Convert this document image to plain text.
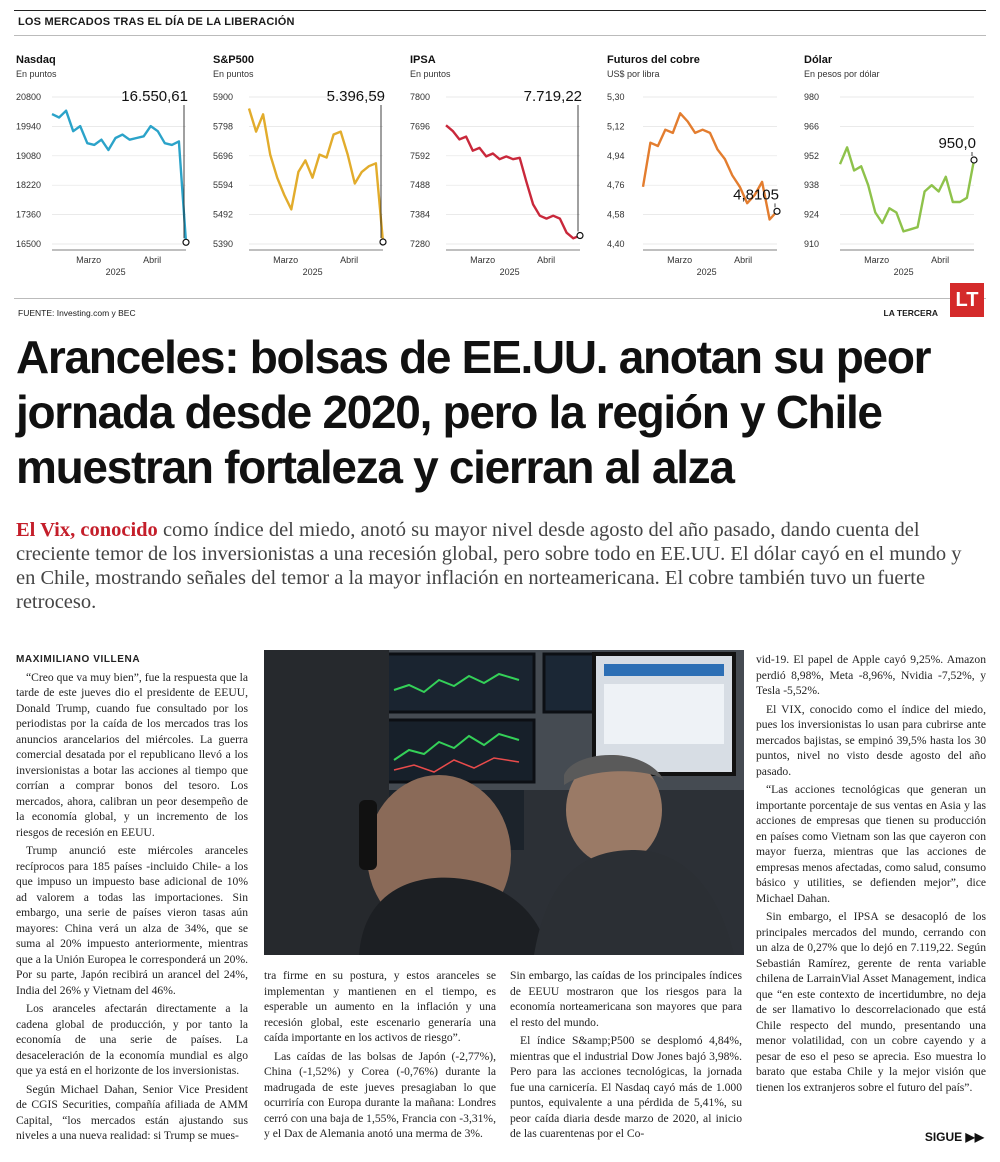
LOS MERCADOS TRAS EL DÍA DE LA LIBERACIÓN
Nasdaq
En puntos
20800
19940
19080
18220
17360
16500
16.550,61
Marzo	Abril
2025
S&P500
En puntos
5900
5798
5696
5594
5492
5390
5.396,59
Marzo	Abril
2025
IPSA
En puntos
7800
7696
7592
7488
7384
7280
7.719,22
Marzo	Abril
2025
Futuros del cobre
US$ por libra
5,30
5,12
4,94
4,76
4,58
4,40
4,8105
Marzo	Abril
2025
Dólar
En pesos por dólar
980
966
952
938
924
910
950,0
Marzo	Abril
2025
FUENTE: Investing.com y BEC	LA TERCERA
LT
Aranceles: bolsas de EE.UU. anotan su peor jornada desde 2020, pero la región y Chile muestran fortaleza y cierran al alza

El Vix, conocido como índice del miedo, anotó su mayor nivel desde agosto del año pasado, dando cuenta del creciente temor de los inversionistas a una recesión global, pero sobre todo en EE.UU. El dólar cayó en el mundo y en Chile, mostrando señales del temor a la mayor inflación en norteamericana. El cobre también tuvo un fuerte retroceso.

MAXIMILIANO VILLENA

“Creo que va muy bien”, fue la respuesta que la tarde de este jueves dio el presidente de EEUU, Donald Trump, cuando fue consultado por los periodistas por la caída de los mercados tras los anuncios arancelarios del miércoles. La guerra comercial desatada por el republicano llevó a los inversionistas a botar las acciones al tiempo que corrían a comprar bonos del tesoro. Los mercados, ahora, calibran un peor desempeño de la economía global, y un incremento de los riesgos de recesión en EEUU.

Trump anunció este miércoles aranceles recíprocos para 185 países -incluido Chile- a los que impuso un impuesto base adicional de 10% ad valorem a todas las importaciones. Sin embargo, una serie de países vieron tasas aún mayores: China verá un alza de 34%, que se suma al 20% impuesto anteriormente, mientras que a la Unión Europea le corresponderá un 20%. Por su parte, Japón recibirá un arancel del 24%, India del 26% y Vietnam del 46%.

Los aranceles afectarán directamente a la cadena global de producción, y por tanto la economía de una serie de países. La desaceleración de la economía mundial es algo que ya está en el horizonte de los inversionistas.

Según Michael Dahan, Senior Vice President de CGIS Securities, compañía afiliada de AMM Capital, “los mercados están ajustando sus niveles a una nueva realidad: si Trump se mues-

tra firme en su postura, y estos aranceles se implementan y mantienen en el tiempo, es esperable un aumento en la inflación y una recesión global, este escenario generaría una caída importante en los activos de riesgo”.

Las caídas de las bolsas de Japón (-2,77%), China (-1,52%) y Corea (-0,76%) durante la madrugada de este jueves presagiaban lo que ocurriría con Europa durante la mañana: Londres cerró con una baja de 1,55%, Francia con -3,31%, y el Dax de Alemania anotó una merma de 3%.

Sin embargo, las caídas de los principales índices de EEUU mostraron que los riesgos para la economía norteamericana son mayores que para el resto del mundo.

El índice S&amp;P500 se desplomó 4,84%, mientras que el industrial Dow Jones bajó 3,98%. Pero para las acciones tecnológicas, la jornada fue una carnicería. El Nasdaq cayó más de 1.000 puntos, equivalente a una pérdida de 5,41%, su peor caída diaria desde marzo de 2020, al inicio de las cuarentenas por el Co-

vid-19. El papel de Apple cayó 9,25%. Amazon perdió 8,98%, Meta -8,96%, Nvidia -7,52%, y Tesla -5,52%.

El VIX, conocido como el índice del miedo, pues los inversionistas lo usan para cubrirse ante mercados bajistas, se empinó 39,5% hasta los 30 puntos, nivel no visto desde agosto del año pasado.

“Las acciones tecnológicas que generan un importante porcentaje de sus ventas en Asia y las acciones de empresas que tienen su producción en países como Vietnam son las que cayeron con mayor fuerza, mientras que las acciones de empresas menos afectadas, como salud, consumo básico y utilities, se defienden mejor”, dice Michael Dahan.

Sin embargo, el IPSA se desacopló de los principales mercados del mundo, cerrando con un alza de 0,27% que lo dejó en 7.119,22. Según Sebastián Ramírez, gerente de renta variable chilena de LarrainVial Asset Management, indica que “en este contexto de incertidumbre, no deja de ser llamativo lo descorrelacionado que está Chile respecto del mundo, presentando una menor volatilidad, con un cobre cayendo y a pesar de eso el peso se aprecia. Eso muestra lo barato que estaba Chile y la mejor visión que tienen los extranjeros sobre el futuro del país”.

SIGUE ▶▶
